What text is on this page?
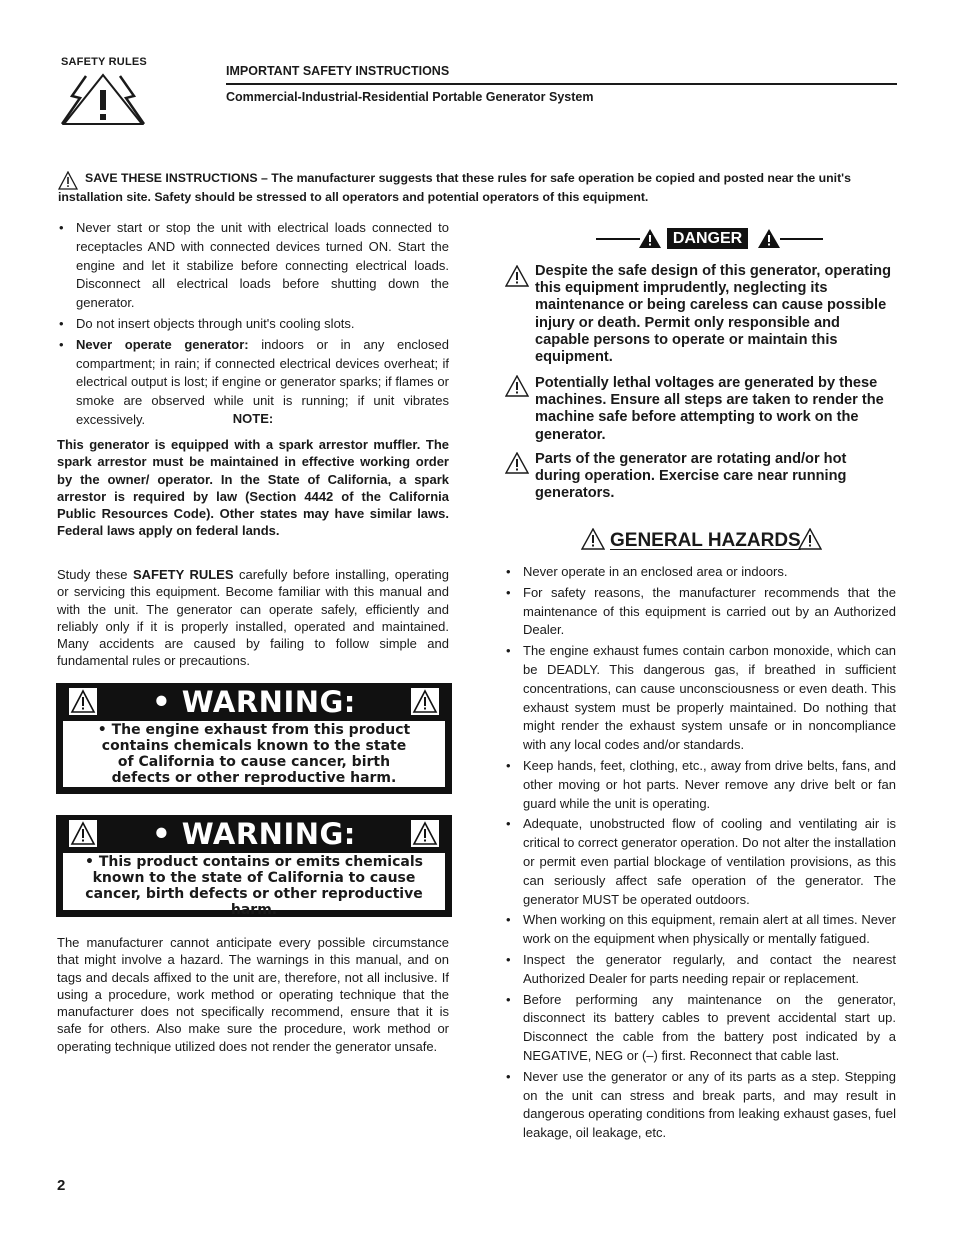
SAFETY RULES
IMPORTANT SAFETY INSTRUCTIONS
Commercial-Industrial-Residential Portable Generator System
SAVE THESE INSTRUCTIONS – The manufacturer suggests that these rules for safe operation be copied and posted near the unit's
installation site. Safety should be stressed to all operators and potential operators of this equipment.
• Never start or stop the unit with electrical loads connected to receptacles AND with connected devices turned ON. Start the engine and let it stabilize before connecting electrical loads. Disconnect all electrical loads before shutting down the generator.
• Do not insert objects through unit's cooling slots.
• Never operate generator: indoors or in any enclosed compartment; in rain; if connected electrical devices overheat; if electrical output is lost; if engine or generator sparks; if flames or smoke are observed while unit is running; if unit vibrates excessively.	NOTE:
This generator is equipped with a spark arrestor muffler. The spark arrestor must be maintained in effective working order by the owner/ operator. In the State of California, a spark arrestor is required by law (Section 4442 of the California Public Resources Code). Other states may have similar laws. Federal laws apply on federal lands.
Study these SAFETY RULES carefully before installing, operating or servicing this equipment. Become familiar with this manual and with the unit. The generator can operate safely, efficiently and reliably only if it is properly installed, operated and maintained. Many accidents are caused by failing to follow simple and fundamental rules or precautions.
• WARNING:
• The engine exhaust from this product
contains chemicals known to the state
of California to cause cancer, birth
defects or other reproductive harm.
• WARNING:
• This product contains or emits chemicals
known to the state of California to cause
cancer, birth defects or other reproductive harm.
The manufacturer cannot anticipate every possible circumstance that might involve a hazard. The warnings in this manual, and on tags and decals affixed to the unit are, therefore, not all inclusive. If using a procedure, work method or operating technique that the manufacturer does not specifically recommend, ensure that it is safe for others. Also make sure the procedure, work method or operating technique utilized does not render the generator unsafe.
DANGER
Despite the safe design of this generator, operating this equipment imprudently, neglecting its maintenance or being careless can cause possible injury or death. Permit only responsible and capable persons to operate or maintain this equipment.
Potentially lethal voltages are generated by these machines. Ensure all steps are taken to render the machine safe before attempting to work on the generator.
Parts of the generator are rotating and/or hot during operation. Exercise care near running generators.
GENERAL HAZARDS
• Never operate in an enclosed area or indoors.
• For safety reasons, the manufacturer recommends that the maintenance of this equipment is carried out by an Authorized Dealer.
• The engine exhaust fumes contain carbon monoxide, which can be DEADLY. This dangerous gas, if breathed in sufficient concentrations, can cause unconsciousness or even death. This exhaust system must be properly maintained. Do nothing that might render the exhaust system unsafe or in noncompliance with any local codes and/or standards.
• Keep hands, feet, clothing, etc., away from drive belts, fans, and other moving or hot parts. Never remove any drive belt or fan guard while the unit is operating.
• Adequate, unobstructed flow of cooling and ventilating air is critical to correct generator operation. Do not alter the installation or permit even partial blockage of ventilation provisions, as this can seriously affect safe operation of the generator. The generator MUST be operated outdoors.
• When working on this equipment, remain alert at all times. Never work on the equipment when physically or mentally fatigued.
• Inspect the generator regularly, and contact the nearest Authorized Dealer for parts needing repair or replacement.
• Before performing any maintenance on the generator, disconnect its battery cables to prevent accidental start up. Disconnect the cable from the battery post indicated by a NEGATIVE, NEG or (–) first. Reconnect that cable last.
• Never use the generator or any of its parts as a step. Stepping on the unit can stress and break parts, and may result in dangerous operating conditions from leaking exhaust gases, fuel leakage, oil leakage, etc.
2
